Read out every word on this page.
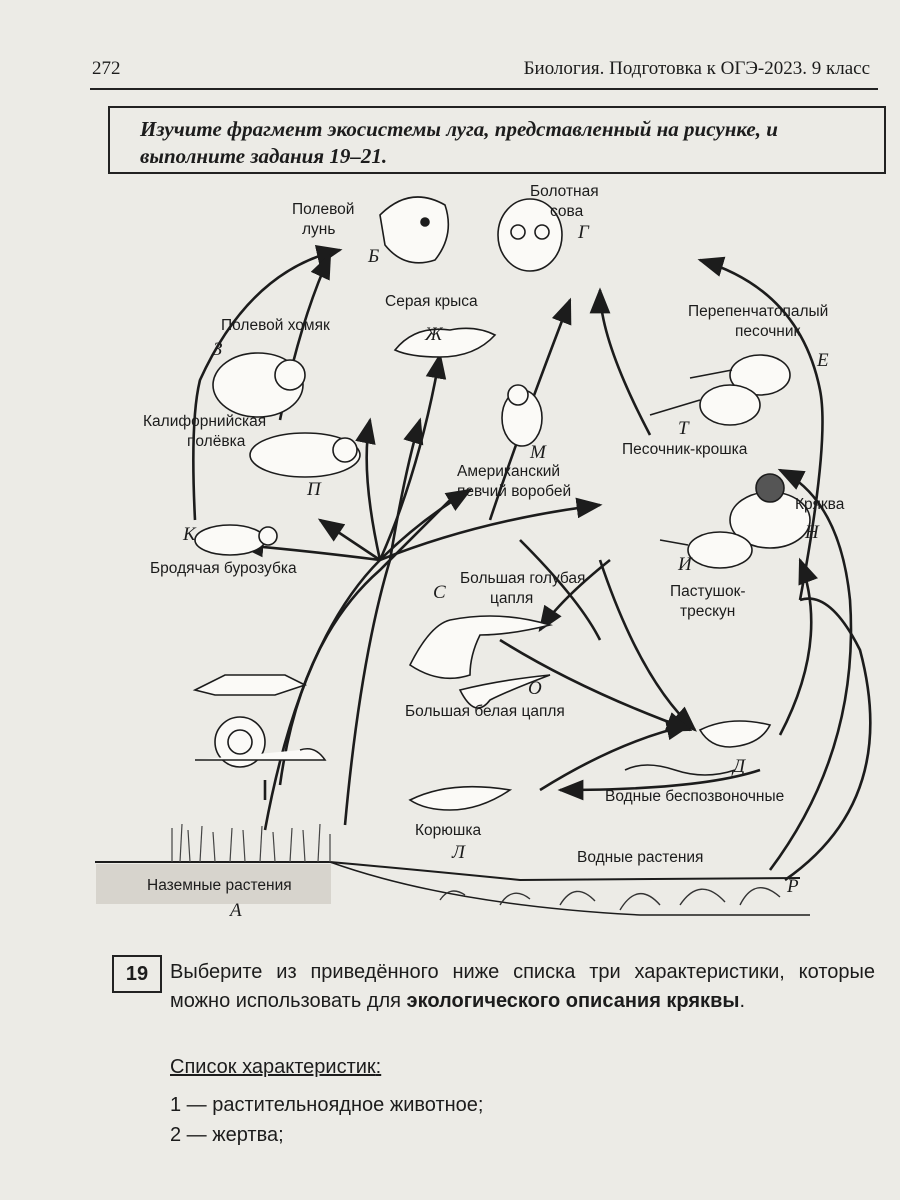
272	Биология. Подготовка к ОГЭ-2023. 9 класс
Изучите фрагмент экосистемы луга, представленный на рисунке, и выполните задания 19–21.
Полевой
лунь
Б
Болотная
сова
Г
Серая крыса
Ж
Полевой хомяк
З
Перепенчатопалый
песочник
Е
Калифорнийская
полёвка
П
Американский
певчий воробей
М	Песочник-крошка
Т
Кряква
Н
Бродячая бурозубка
К
Большая голубая
цапля
С	Пастушок-
трескун
И
Большая белая цапля
О
Водные беспозвоночные
Д
Корюшка
Л	Водные растения
Р
Наземные растения
А
19	Выберите из приведённого ниже списка три характеристики, которые можно использовать для экологического описания кряквы.
Список характеристик:
1 — растительноядное животное;
2 — жертва;
